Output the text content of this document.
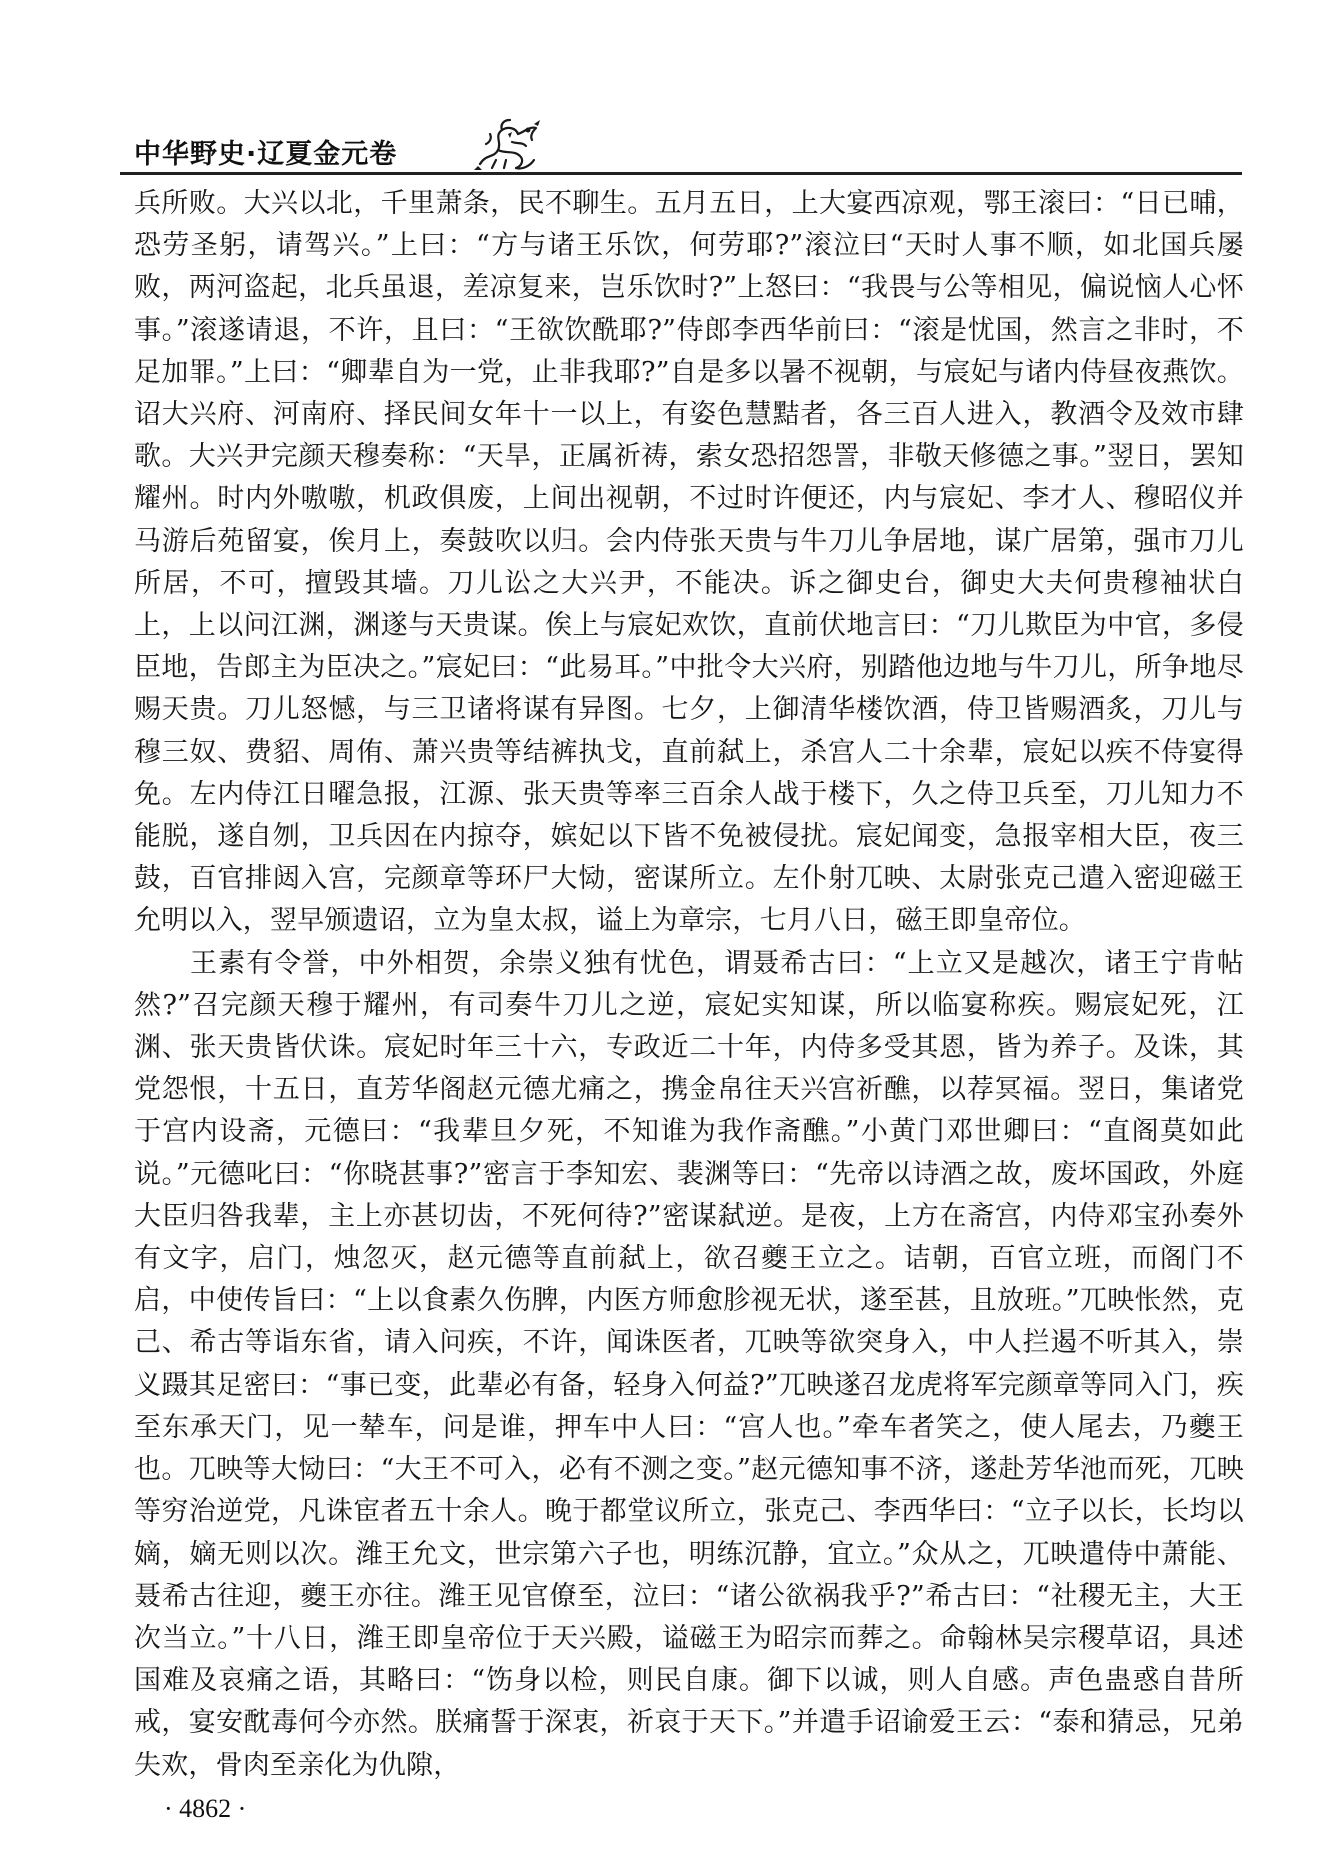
中华野史·辽夏金元卷

兵所败。大兴以北，千里萧条，民不聊生。五月五日，上大宴西凉观，鄂王滚曰：“日已晡，恐劳圣躬，请驾兴。”上曰：“方与诸王乐饮，何劳耶?”滚泣曰“天时人事不顺，如北国兵屡败，两河盗起，北兵虽退，差凉复来，岂乐饮时?”上怒曰：“我畏与公等相见，偏说恼人心怀事。”滚遂请退，不许，且曰：“王欲饮酰耶?”侍郎李西华前曰：“滚是忧国，然言之非时，不足加罪。”上曰：“卿辈自为一党，止非我耶?”自是多以暑不视朝，与宸妃与诸内侍昼夜燕饮。诏大兴府、河南府、择民间女年十一以上，有姿色慧黠者，各三百人进入，教酒令及效市肆歌。大兴尹完颜天穆奏称：“天旱，正属祈祷，索女恐招怨詈，非敬天修德之事。”翌日，罢知耀州。时内外嗷嗷，机政俱废，上间出视朝，不过时许便还，内与宸妃、李才人、穆昭仪并马游后苑留宴，俟月上，奏鼓吹以归。会内侍张天贵与牛刀儿争居地，谋广居第，强市刀儿所居，不可，擅毁其墙。刀儿讼之大兴尹，不能决。诉之御史台，御史大夫何贵穆袖状白上，上以问江渊，渊遂与天贵谋。俟上与宸妃欢饮，直前伏地言曰：“刀儿欺臣为中官，多侵臣地，告郎主为臣决之。”宸妃曰：“此易耳。”中批令大兴府，别踏他边地与牛刀儿，所争地尽赐天贵。刀儿怒憾，与三卫诸将谋有异图。七夕，上御清华楼饮酒，侍卫皆赐酒炙，刀儿与穆三奴、费貂、周侑、萧兴贵等结裤执戈，直前弑上，杀宫人二十余辈，宸妃以疾不侍宴得免。左内侍江日曜急报，江源、张天贵等率三百余人战于楼下，久之侍卫兵至，刀儿知力不能脱，遂自刎，卫兵因在内掠夺，嫔妃以下皆不免被侵扰。宸妃闻变，急报宰相大臣，夜三鼓，百官排闼入宫，完颜章等环尸大恸，密谋所立。左仆射兀映、太尉张克己遣入密迎磁王允明以入，翌早颁遗诏，立为皇太叔，谥上为章宗，七月八日，磁王即皇帝位。

王素有令誉，中外相贺，余崇义独有忧色，谓聂希古曰：“上立又是越次，诸王宁肯帖然?”召完颜天穆于耀州，有司奏牛刀儿之逆，宸妃实知谋，所以临宴称疾。赐宸妃死，江渊、张天贵皆伏诛。宸妃时年三十六，专政近二十年，内侍多受其恩，皆为养子。及诛，其党怨恨，十五日，直芳华阁赵元德尤痛之，携金帛往天兴宫祈醮，以荐冥福。翌日，集诸党于宫内设斋，元德曰：“我辈旦夕死，不知谁为我作斋醮。”小黄门邓世卿曰：“直阁莫如此说。”元德叱曰：“你晓甚事?”密言于李知宏、裴渊等曰：“先帝以诗酒之故，废坏国政，外庭大臣归咎我辈，主上亦甚切齿，不死何待?”密谋弑逆。是夜，上方在斋宫，内侍邓宝孙奏外有文字，启门，烛忽灭，赵元德等直前弑上，欲召夔王立之。诘朝，百官立班，而阁门不启，中使传旨曰：“上以食素久伤脾，内医方师愈胗视无状，遂至甚，且放班。”兀映怅然，克己、希古等诣东省，请入问疾，不许，闻诛医者，兀映等欲突身入，中人拦遏不听其入，崇义蹑其足密曰：“事已变，此辈必有备，轻身入何益?”兀映遂召龙虎将军完颜章等同入门，疾至东承天门，见一辇车，问是谁，押车中人曰：“宫人也。”牵车者笑之，使人尾去，乃夔王也。兀映等大恸曰：“大王不可入，必有不测之变。”赵元德知事不济，遂赴芳华池而死，兀映等穷治逆党，凡诛宦者五十余人。晚于都堂议所立，张克己、李西华曰：“立子以长，长均以嫡，嫡无则以次。潍王允文，世宗第六子也，明练沉静，宜立。”众从之，兀映遣侍中萧能、聂希古往迎，夔王亦往。潍王见官僚至，泣曰：“诸公欲祸我乎?”希古曰：“社稷无主，大王次当立。”十八日，潍王即皇帝位于天兴殿，谥磁王为昭宗而葬之。命翰林吴宗稷草诏，具述国难及哀痛之语，其略曰：“饬身以检，则民自康。御下以诚，则人自感。声色蛊惑自昔所戒，宴安酖毒何今亦然。朕痛誓于深衷，祈哀于天下。”并遣手诏谕爱王云：“泰和猜忌，兄弟失欢，骨肉至亲化为仇隙，

· 4862 ·
